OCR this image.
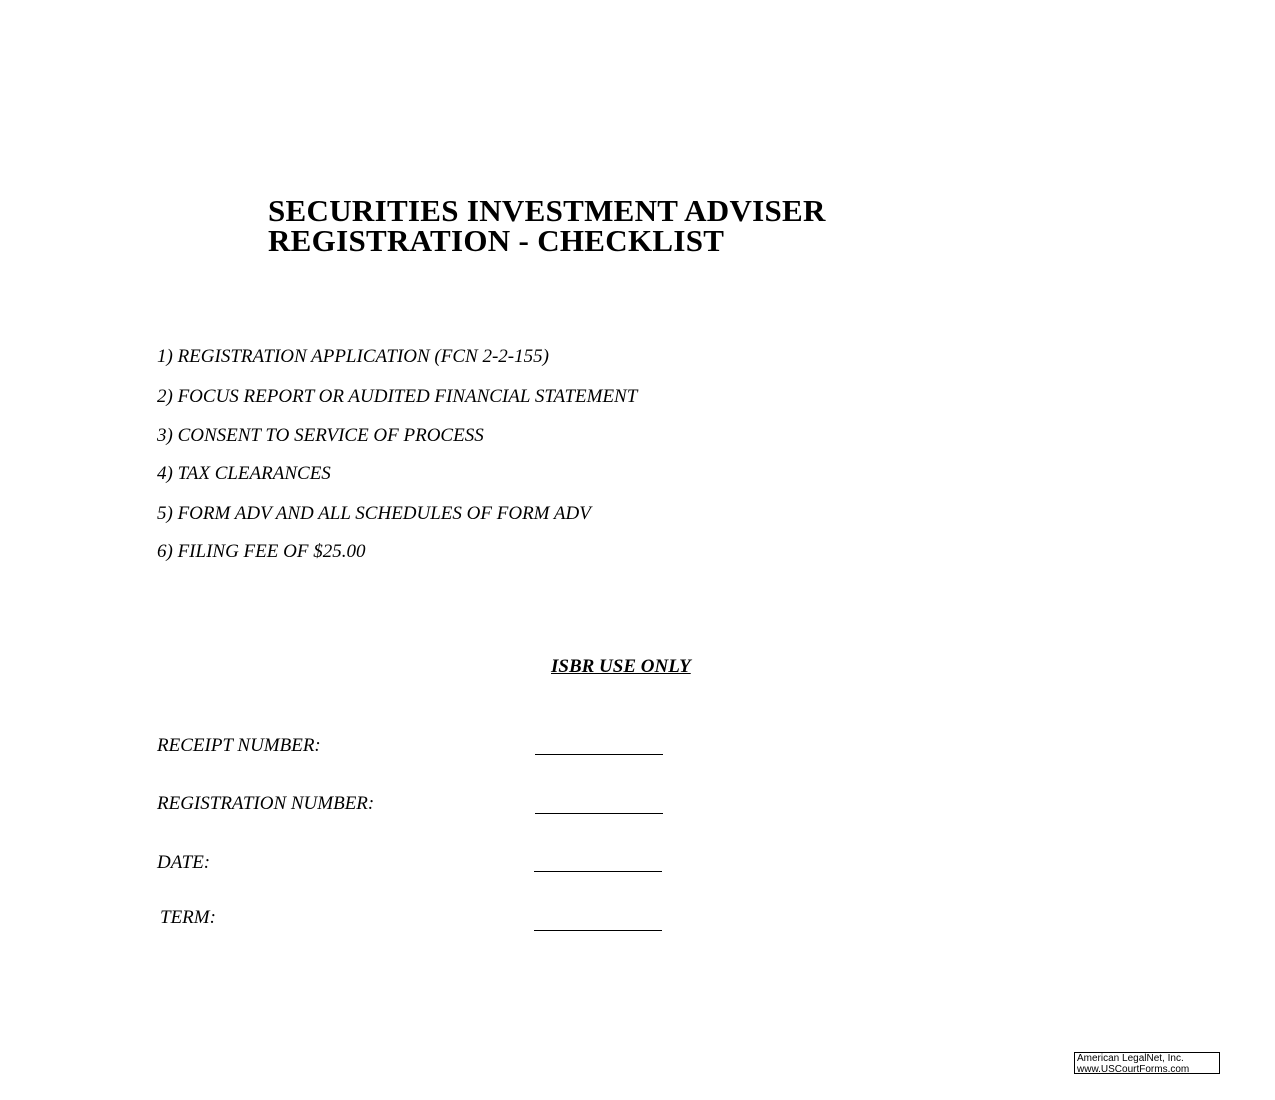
SECURITIES INVESTMENT ADVISER
REGISTRATION - CHECKLIST
1) REGISTRATION APPLICATION (FCN 2-2-155)
2) FOCUS REPORT OR AUDITED FINANCIAL STATEMENT
3) CONSENT TO SERVICE OF PROCESS
4) TAX CLEARANCES
5) FORM ADV AND ALL SCHEDULES OF FORM ADV
6) FILING FEE OF $25.00
ISBR USE ONLY
RECEIPT NUMBER:
REGISTRATION NUMBER:
DATE:
TERM:
American LegalNet, Inc.
www.USCourtForms.com
